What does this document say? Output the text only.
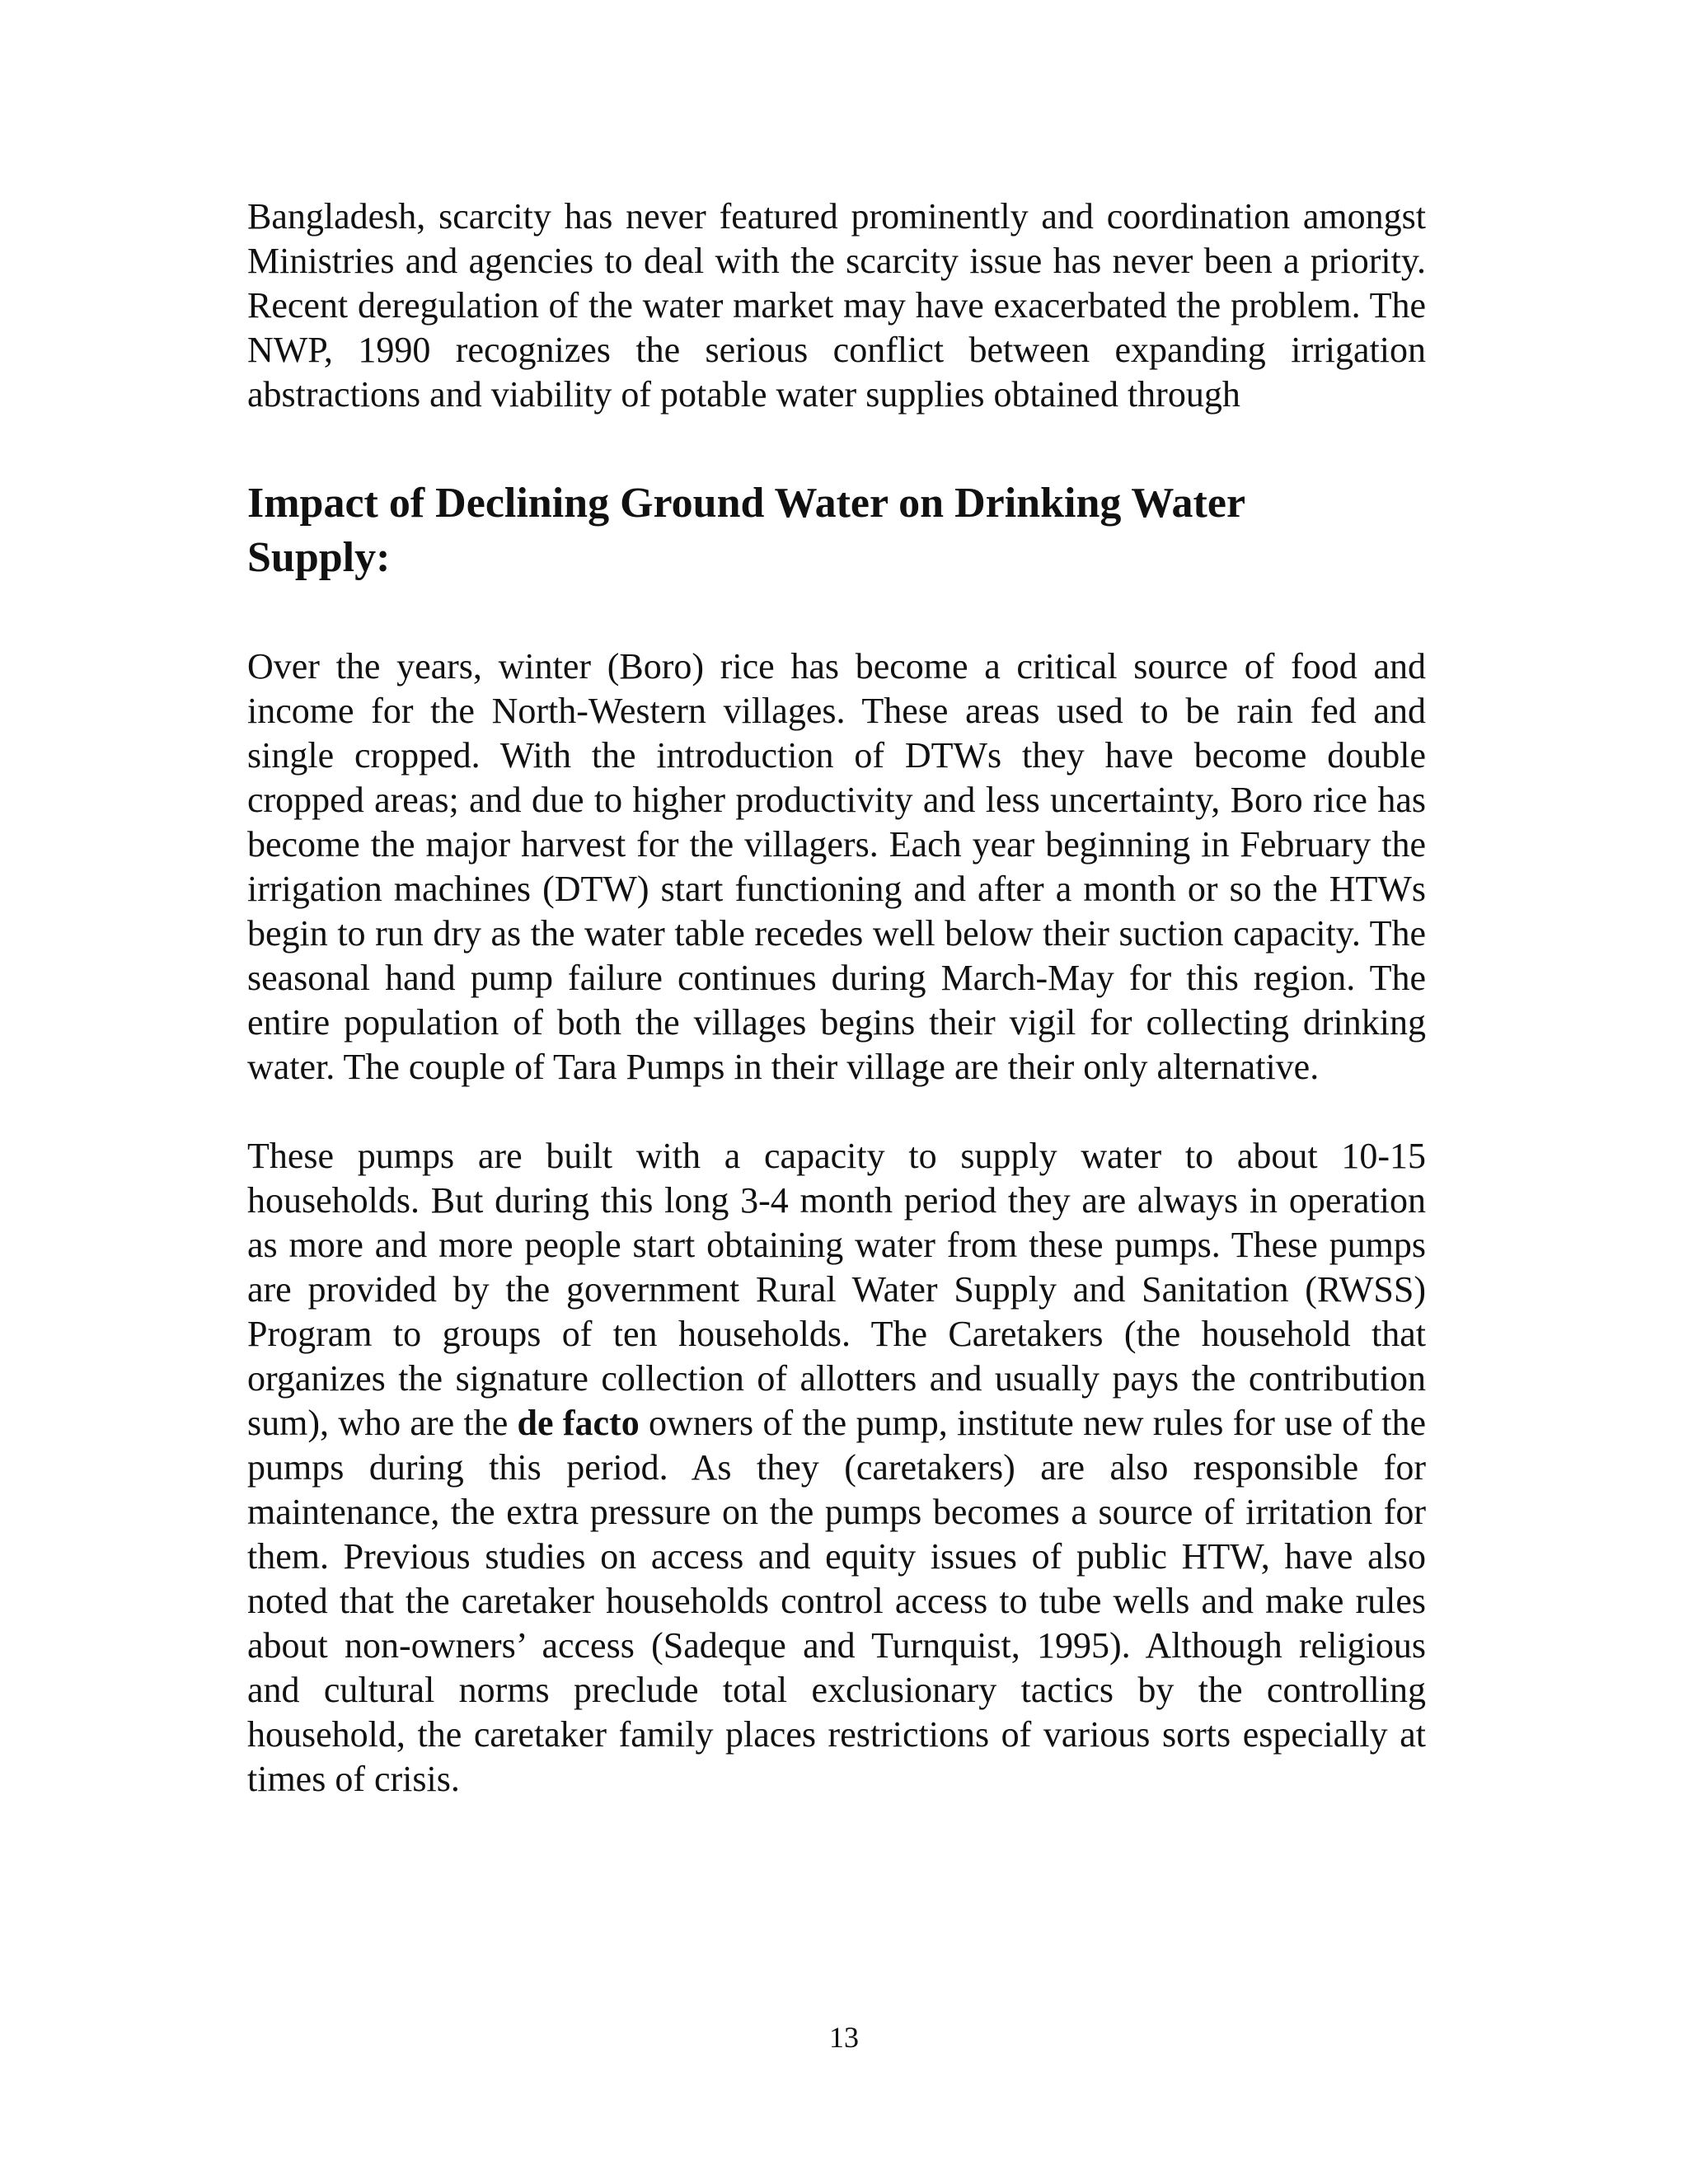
Bangladesh, scarcity has never featured prominently and coordination amongst Ministries and agencies to deal with the scarcity issue has never been a priority. Recent deregulation of the water market may have exacerbated the problem. The NWP, 1990 recognizes the serious conflict between expanding irrigation abstractions and viability of potable water supplies obtained through

Impact of Declining Ground Water on Drinking Water Supply:

Over the years, winter (Boro) rice has become a critical source of food and income for the North-Western villages. These areas used to be rain fed and single cropped. With the introduction of DTWs they have become double cropped areas; and due to higher productivity and less uncertainty, Boro rice has become the major harvest for the villagers. Each year beginning in February the irrigation machines (DTW) start functioning and after a month or so the HTWs begin to run dry as the water table recedes well below their suction capacity. The seasonal hand pump failure continues during March-May for this region. The entire population of both the villages begins their vigil for collecting drinking water. The couple of Tara Pumps in their village are their only alternative.

These pumps are built with a capacity to supply water to about 10-15 households. But during this long 3-4 month period they are always in operation as more and more people start obtaining water from these pumps. These pumps are provided by the government Rural Water Supply and Sanitation (RWSS) Program to groups of ten households. The Caretakers (the household that organizes the signature collection of allotters and usually pays the contribution sum), who are the de facto owners of the pump, institute new rules for use of the pumps during this period. As they (caretakers) are also responsible for maintenance, the extra pressure on the pumps becomes a source of irritation for them. Previous studies on access and equity issues of public HTW, have also noted that the caretaker households control access to tube wells and make rules about non-owners’ access (Sadeque and Turnquist, 1995). Although religious and cultural norms preclude total exclusionary tactics by the controlling household, the caretaker family places restrictions of various sorts especially at times of crisis.

13
